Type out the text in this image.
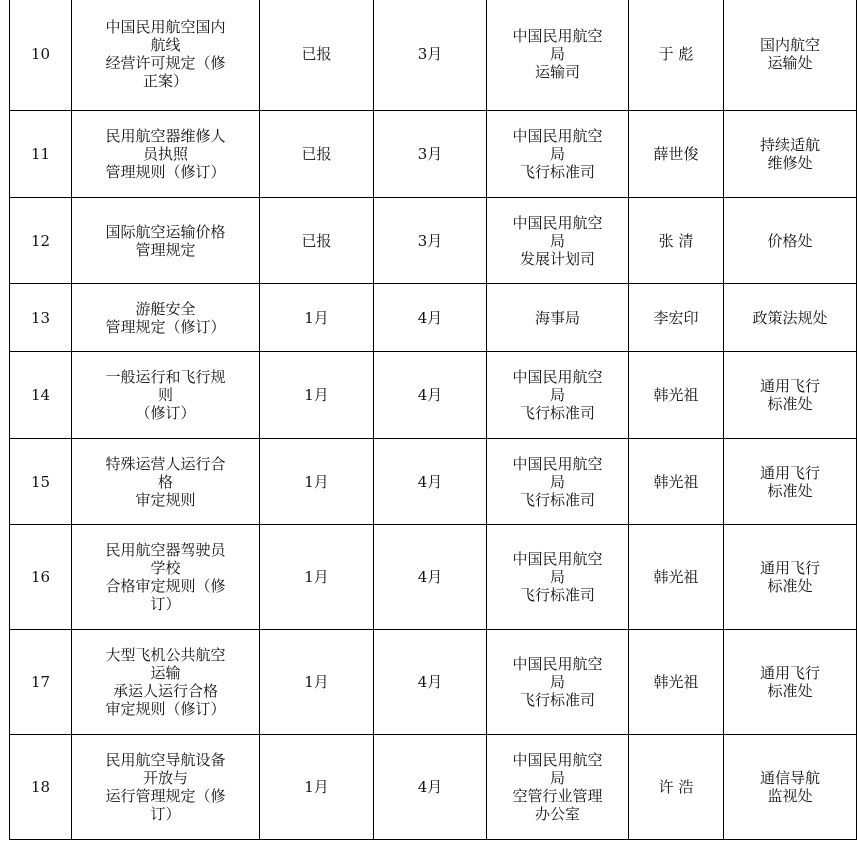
10	中国民用航空国内
航线
经营许可规定（修
正案）	已报	3月	中国民用航空
局
运输司	于 彪	国内航空
运输处

11	民用航空器维修人
员执照
管理规则（修订）	已报	3月	中国民用航空
局
飞行标准司	薛世俊	持续适航
维修处

12	国际航空运输价格
管理规定	已报	3月	中国民用航空
局
发展计划司	张 清	价格处

13	游艇安全
管理规定（修订）	1月	4月	海事局	李宏印	政策法规处

14	一般运行和飞行规
则
（修订）	1月	4月	中国民用航空
局
飞行标准司	韩光祖	通用飞行
标准处

15	特殊运营人运行合
格
审定规则	1月	4月	中国民用航空
局
飞行标准司	韩光祖	通用飞行
标准处

16	民用航空器驾驶员
学校
合格审定规则（修
订）	1月	4月	中国民用航空
局
飞行标准司	韩光祖	通用飞行
标准处

17	大型飞机公共航空
运输
承运人运行合格
审定规则（修订）	1月	4月	中国民用航空
局
飞行标准司	韩光祖	通用飞行
标准处

18	民用航空导航设备
开放与
运行管理规定（修
订）	1月	4月	中国民用航空
局
空管行业管理
办公室	许 浩	通信导航
监视处
